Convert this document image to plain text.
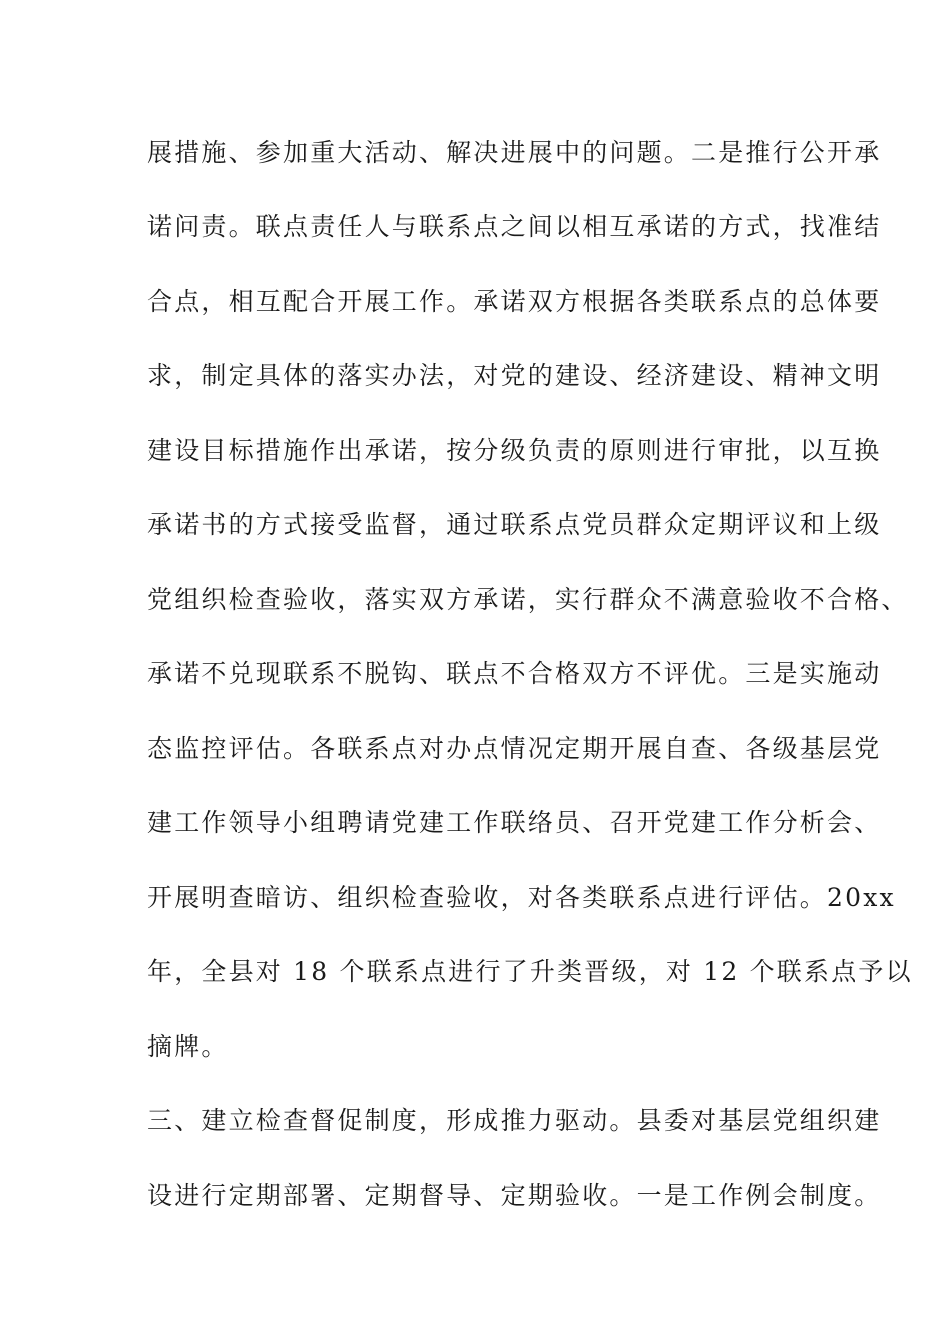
展措施、参加重大活动、解决进展中的问题。二是推行公开承
诺问责。联点责任人与联系点之间以相互承诺的方式，找准结
合点，相互配合开展工作。承诺双方根据各类联系点的总体要
求，制定具体的落实办法，对党的建设、经济建设、精神文明
建设目标措施作出承诺，按分级负责的原则进行审批，以互换
承诺书的方式接受监督，通过联系点党员群众定期评议和上级
党组织检查验收，落实双方承诺，实行群众不满意验收不合格、
承诺不兑现联系不脱钩、联点不合格双方不评优。三是实施动
态监控评估。各联系点对办点情况定期开展自查、各级基层党
建工作领导小组聘请党建工作联络员、召开党建工作分析会、
开展明查暗访、组织检查验收，对各类联系点进行评估。20xx
年，全县对 18 个联系点进行了升类晋级，对 12 个联系点予以
摘牌。
三、建立检查督促制度，形成推力驱动。县委对基层党组织建
设进行定期部署、定期督导、定期验收。一是工作例会制度。
